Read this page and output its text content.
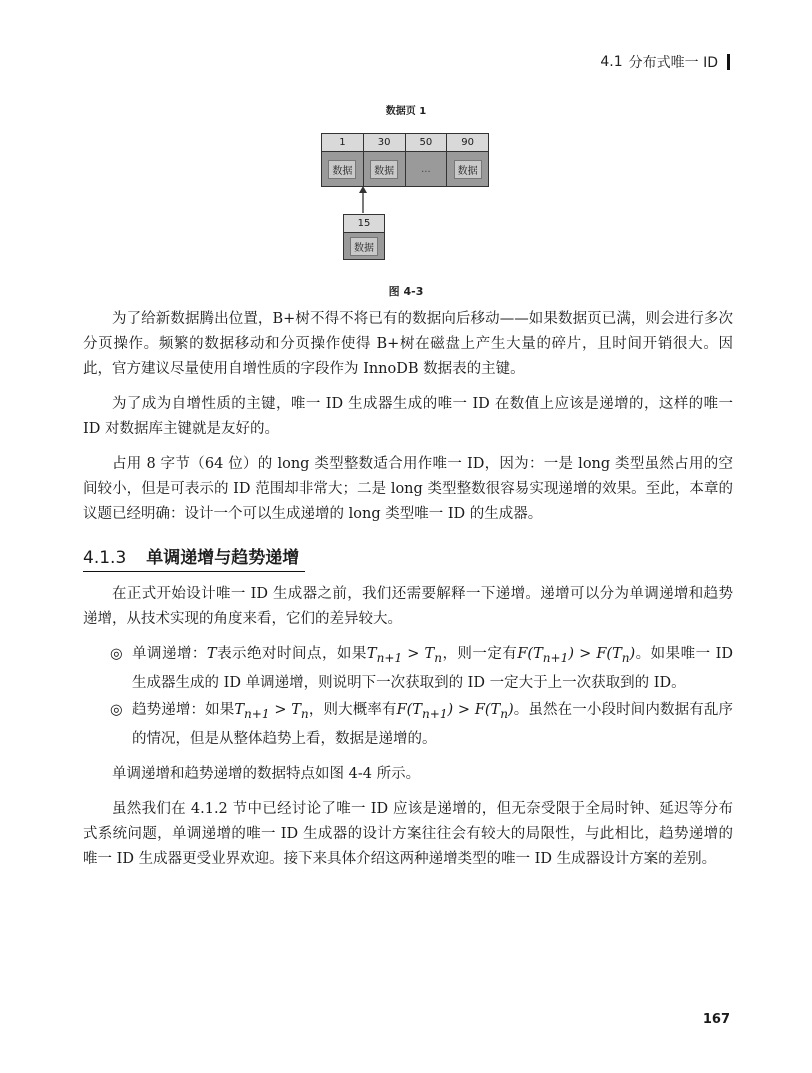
4.1 分布式唯一 ID
数据页 1
1
数据
30
数据
50
...
90
数据
15
数据
图 4-3

为了给新数据腾出位置，B+树不得不将已有的数据向后移动——如果数据页已满，则会进行多次分页操作。频繁的数据移动和分页操作使得 B+树在磁盘上产生大量的碎片，且时间开销很大。因此，官方建议尽量使用自增性质的字段作为 InnoDB 数据表的主键。

为了成为自增性质的主键，唯一 ID 生成器生成的唯一 ID 在数值上应该是递增的，这样的唯一 ID 对数据库主键就是友好的。

占用 8 字节（64 位）的 long 类型整数适合用作唯一 ID，因为：一是 long 类型虽然占用的空间较小，但是可表示的 ID 范围却非常大；二是 long 类型整数很容易实现递增的效果。至此，本章的议题已经明确：设计一个可以生成递增的 long 类型唯一 ID 的生成器。

4.1.3 单调递增与趋势递增

在正式开始设计唯一 ID 生成器之前，我们还需要解释一下递增。递增可以分为单调递增和趋势递增，从技术实现的角度来看，它们的差异较大。

◎ 单调递增：T表示绝对时间点，如果$T_{n+1} > T_n$，则一定有$F(T_{n+1}) > F(T_n)$。如果唯一 ID 生成器生成的 ID 单调递增，则说明下一次获取到的 ID 一定大于上一次获取到的 ID。
◎ 趋势递增：如果$T_{n+1} > T_n$，则大概率有$F(T_{n+1}) > F(T_n)$。虽然在一小段时间内数据有乱序的情况，但是从整体趋势上看，数据是递增的。

单调递增和趋势递增的数据特点如图 4-4 所示。

虽然我们在 4.1.2 节中已经讨论了唯一 ID 应该是递增的，但无奈受限于全局时钟、延迟等分布式系统问题，单调递增的唯一 ID 生成器的设计方案往往会有较大的局限性，与此相比，趋势递增的唯一 ID 生成器更受业界欢迎。接下来具体介绍这两种递增类型的唯一 ID 生成器设计方案的差别。

167
